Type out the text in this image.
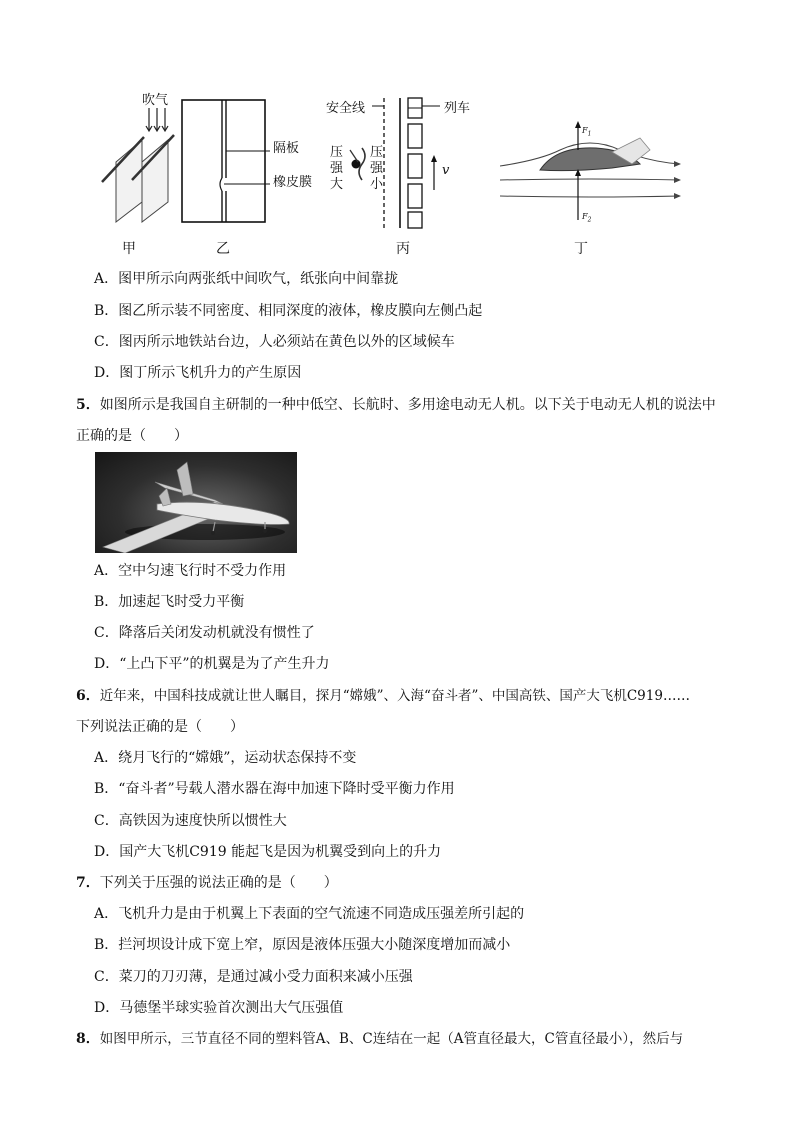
吹气
甲
隔板
橡皮膜
乙
安全线	列车
压
强
大
压
强
小
v
丙
$F_1$
$F_2$
丁
A．图甲所示向两张纸中间吹气，纸张向中间靠拢
B．图乙所示装不同密度、相同深度的液体，橡皮膜向左侧凸起
C．图丙所示地铁站台边，人必须站在黄色以外的区域候车
D．图丁所示飞机升力的产生原因
5．如图所示是我国自主研制的一种中低空、长航时、多用途电动无人机。以下关于电动无人机的说法中
正确的是（　　）
A．空中匀速飞行时不受力作用
B．加速起飞时受力平衡
C．降落后关闭发动机就没有惯性了
D．“上凸下平”的机翼是为了产生升力
6．近年来，中国科技成就让世人瞩目，探月“嫦娥”、入海“奋斗者”、中国高铁、国产大飞机C919……
下列说法正确的是（　　）
A．绕月飞行的“嫦娥”，运动状态保持不变
B．“奋斗者”号载人潜水器在海中加速下降时受平衡力作用
C．高铁因为速度快所以惯性大
D．国产大飞机C919 能起飞是因为机翼受到向上的升力
7．下列关于压强的说法正确的是（　　）
A．飞机升力是由于机翼上下表面的空气流速不同造成压强差所引起的
B．拦河坝设计成下宽上窄，原因是液体压强大小随深度增加而减小
C．菜刀的刀刃薄，是通过减小受力面积来减小压强
D．马德堡半球实验首次测出大气压强值
8．如图甲所示，三节直径不同的塑料管A、B、C连结在一起（A管直径最大，C管直径最小），然后与
